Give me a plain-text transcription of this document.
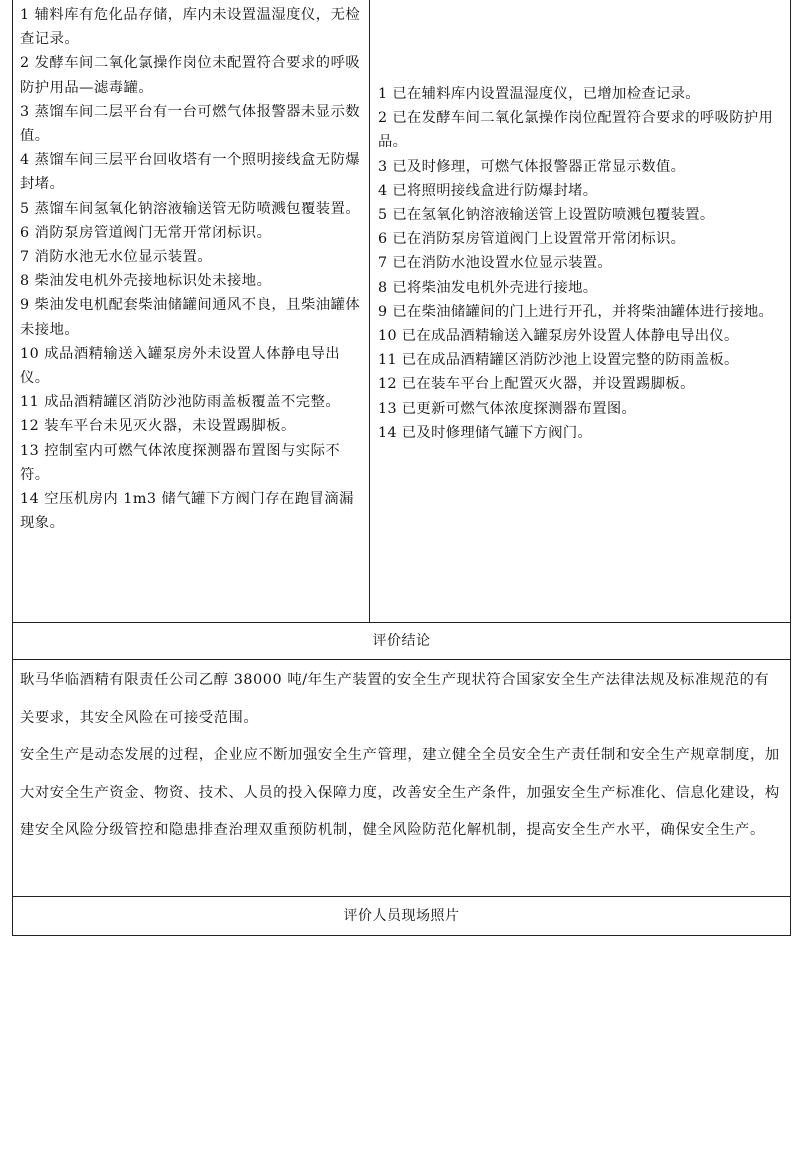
1 辅料库有危化品存储，库内未设置温湿度仪，无检查记录。

2 发酵车间二氧化氯操作岗位未配置符合要求的呼吸防护用品—滤毒罐。

3 蒸馏车间二层平台有一台可燃气体报警器未显示数值。

4 蒸馏车间三层平台回收塔有一个照明接线盒无防爆封堵。

5 蒸馏车间氢氧化钠溶液输送管无防喷溅包覆装置。

6 消防泵房管道阀门无常开常闭标识。

7 消防水池无水位显示装置。

8 柴油发电机外壳接地标识处未接地。

9 柴油发电机配套柴油储罐间通风不良，且柴油罐体未接地。

10 成品酒精输送入罐泵房外未设置人体静电导出仪。

11 成品酒精罐区消防沙池防雨盖板覆盖不完整。

12 装车平台未见灭火器，未设置踢脚板。

13 控制室内可燃气体浓度探测器布置图与实际不符。

14 空压机房内 1m3 储气罐下方阀门存在跑冒滴漏现象。

1 已在辅料库内设置温湿度仪，已增加检查记录。

2 已在发酵车间二氧化氯操作岗位配置符合要求的呼吸防护用品。

3 已及时修理，可燃气体报警器正常显示数值。

4 已将照明接线盒进行防爆封堵。

5 已在氢氧化钠溶液输送管上设置防喷溅包覆装置。

6 已在消防泵房管道阀门上设置常开常闭标识。

7 已在消防水池设置水位显示装置。

8 已将柴油发电机外壳进行接地。

9 已在柴油储罐间的门上进行开孔，并将柴油罐体进行接地。

10 已在成品酒精输送入罐泵房外设置人体静电导出仪。

11 已在成品酒精罐区消防沙池上设置完整的防雨盖板。

12 已在装车平台上配置灭火器，并设置踢脚板。

13 已更新可燃气体浓度探测器布置图。

14 已及时修理储气罐下方阀门。

评价结论

耿马华临酒精有限责任公司乙醇 38000 吨/年生产装置的安全生产现状符合国家安全生产法律法规及标准规范的有关要求，其安全风险在可接受范围。

安全生产是动态发展的过程，企业应不断加强安全生产管理，建立健全全员安全生产责任制和安全生产规章制度，加大对安全生产资金、物资、技术、人员的投入保障力度，改善安全生产条件，加强安全生产标准化、信息化建设，构建安全风险分级管控和隐患排查治理双重预防机制，健全风险防范化解机制，提高安全生产水平，确保安全生产。

评价人员现场照片
